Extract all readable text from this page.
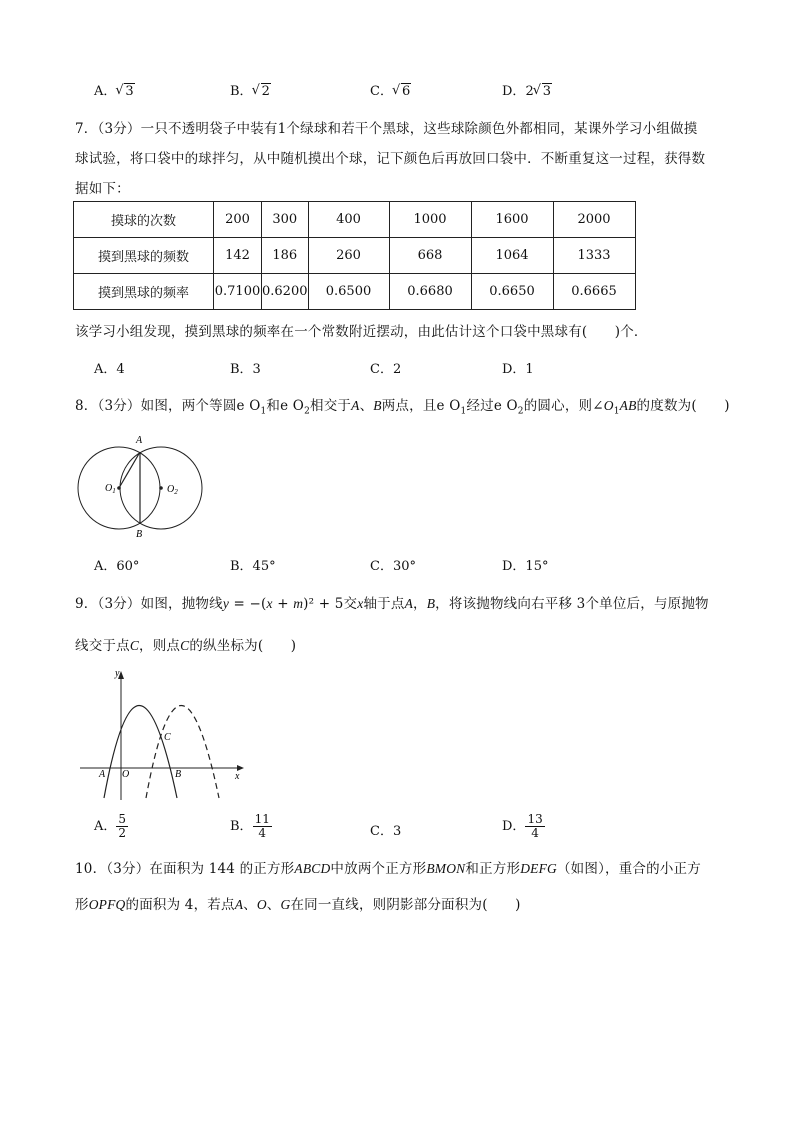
A． √ 3	B． √ 2	C． √ 6	D．2 √ 3
7．（3分）一只不透明袋子中装有1个绿球和若干个黑球，这些球除颜色外都相同，某课外学习小组做摸
球试验，将口袋中的球拌匀，从中随机摸出个球，记下颜色后再放回口袋中．不断重复这一过程，获得数
据如下：
摸球的次数	200	300	400	1000	1600	2000
摸到黑球的频数	142	186	260	668	1064	1333
摸到黑球的频率	0.7100	0.6200	0.6500	0.6680	0.6650	0.6665
该学习小组发现，摸到黑球的频率在一个常数附近摆动，由此估计这个口袋中黑球有(　　)个．
A．4	B．3	C．2	D．1
8．（3分）如图，两个等圆e $O_1$和e $O_2$相交于A、B两点，且e $O_1$经过e $O_2$的圆心，则$\angle O_1AB$的度数为(　　)
A
B
$O_1$	$O_2$
A．60°	B．45°	C．30°	D．15°
9．（3分）如图，抛物线y = −(x + m)² + 5交x轴于点A，B，将该抛物线向右平移 3个单位后，与原抛物
线交于点C，则点C的纵坐标为(　　)
y
x
A O	B
C
A． $\frac{5}{2}$	B． $\frac{11}{4}$	C．3	D． $\frac{13}{4}$
10．（3分）在面积为 144 的正方形ABCD中放两个正方形BMON和正方形DEFG（如图），重合的小正方
形OPFQ的面积为 4，若点A、O、G在同一直线，则阴影部分面积为(　　)
